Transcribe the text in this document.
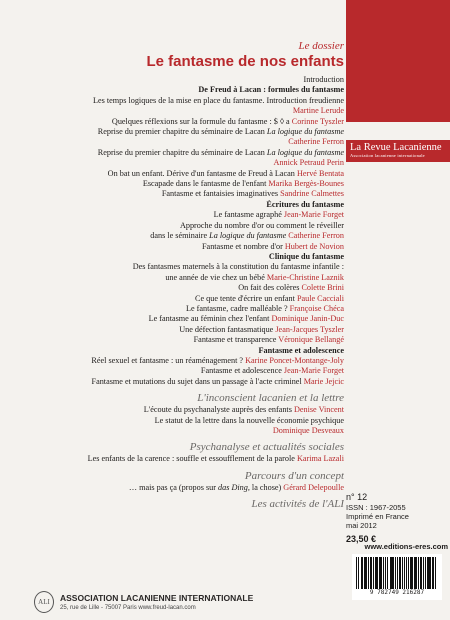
La Revue Lacanienne
Association lacanienne internationale
Le dossier
Le fantasme de nos enfants
Introduction
De Freud à Lacan : formules du fantasme
Les temps logiques de la mise en place du fantasme. Introduction freudienne
Martine Lerude
Quelques réflexions sur la formule du fantasme : $ ◊ a Corinne Tyszler
Reprise du premier chapitre du séminaire de Lacan La logique du fantasme
Catherine Ferron
Reprise du premier chapitre du séminaire de Lacan La logique du fantasme
Annick Petraud Perin
On bat un enfant. Dérive d'un fantasme de Freud à Lacan Hervé Bentata
Escapade dans le fantasme de l'enfant Marika Bergès-Bounes
Fantasme et fantaisies imaginatives Sandrine Calmettes
Écritures du fantasme
Le fantasme agraphé Jean-Marie Forget
Approche du nombre d'or ou comment le réveiller
dans le séminaire La logique du fantasme Catherine Ferron
Fantasme et nombre d'or Hubert de Novion
Clinique du fantasme
Des fantasmes maternels à la constitution du fantasme infantile :
une année de vie chez un bébé Marie-Christine Laznik
On fait des colères Colette Brini
Ce que tente d'écrire un enfant Paule Cacciali
Le fantasme, cadre malléable ? Françoise Chéca
Le fantasme au féminin chez l'enfant Dominique Janin-Duc
Une défection fantasmatique Jean-Jacques Tyszler
Fantasme et transparence Véronique Bellangé
Fantasme et adolescence
Réel sexuel et fantasme : un réaménagement ? Karine Poncet-Montange-Joly
Fantasme et adolescence Jean-Marie Forget
Fantasme et mutations du sujet dans un passage à l'acte criminel Marie Jejcic
L'inconscient lacanien et la lettre
L'écoute du psychanalyste auprès des enfants Denise Vincent
Le statut de la lettre dans la nouvelle économie psychique
Dominique Desveaux
Psychanalyse et actualités sociales
Les enfants de la carence : souffle et essoufflement de la parole Karima Lazali
Parcours d'un concept
… mais pas ça (propos sur das Ding, la chose) Gérard Delepoulle
Les activités de l'ALI
n° 12
ISSN : 1967-2055
Imprimé en France
mai 2012
23,50 €
www.editions-eres.com
9 782749 216287
ALI	ASSOCIATION LACANIENNE INTERNATIONALE
25, rue de Lille - 75007 Paris www.freud-lacan.com
